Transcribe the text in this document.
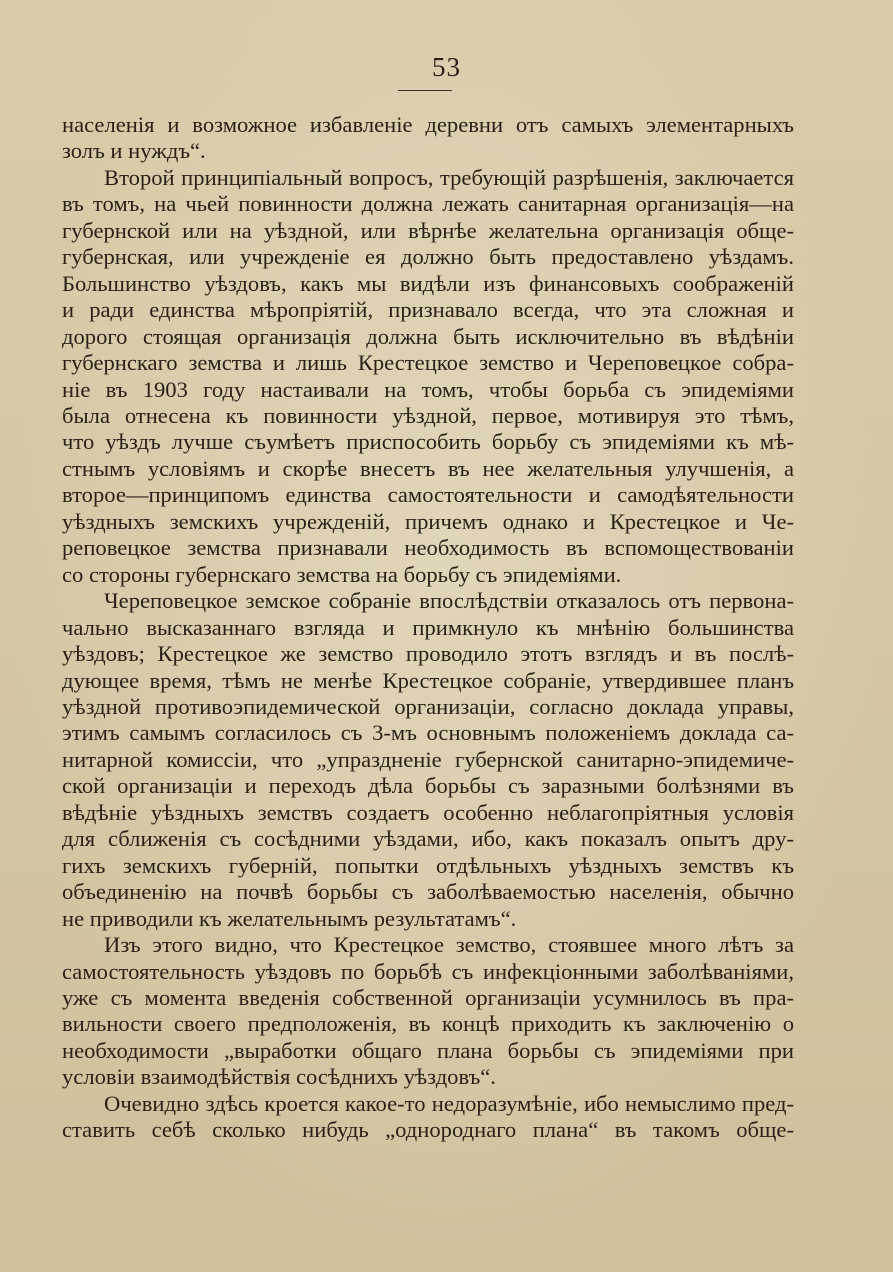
53
населенія и возможное избавленіе деревни отъ самыхъ элементарныхъ
золъ и нуждъ“.
Второй принципіальный вопросъ, требующій разрѣшенія, заключается
въ томъ, на чьей повинности должна лежать санитарная организація—на
губернской или на уѣздной, или вѣрнѣе желательна организація обще-
губернская, или учрежденіе ея должно быть предоставлено уѣздамъ.
Большинство уѣздовъ, какъ мы видѣли изъ финансовыхъ соображеній
и ради единства мѣропріятій, признавало всегда, что эта сложная и
дорого стоящая организація должна быть исключительно въ вѣдѣніи
губернскаго земства и лишь Крестецкое земство и Череповецкое собра-
ніе въ 1903 году настаивали на томъ, чтобы борьба съ эпидеміями
была отнесена къ повинности уѣздной, первое, мотивируя это тѣмъ,
что уѣздъ лучше съумѣетъ приспособить борьбу съ эпидеміями къ мѣ-
стнымъ условіямъ и скорѣе внесетъ въ нее желательныя улучшенія, а
второе—принципомъ единства самостоятельности и самодѣятельности
уѣздныхъ земскихъ учрежденій, причемъ однако и Крестецкое и Че-
реповецкое земства признавали необходимость въ вспомоществованіи
со стороны губернскаго земства на борьбу съ эпидеміями.
Череповецкое земское собраніе впослѣдствіи отказалось отъ первона-
чально высказаннаго взгляда и примкнуло къ мнѣнію большинства
уѣздовъ; Крестецкое же земство проводило этотъ взглядъ и въ послѣ-
дующее время, тѣмъ не менѣе Крестецкое собраніе, утвердившее планъ
уѣздной противоэпидемической организаціи, согласно доклада управы,
этимъ самымъ согласилось съ 3-мъ основнымъ положеніемъ доклада са-
нитарной комиссіи, что „упраздненіе губернской санитарно-эпидемиче-
ской организаціи и переходъ дѣла борьбы съ заразными болѣзнями въ
вѣдѣніе уѣздныхъ земствъ создаетъ особенно неблагопріятныя условія
для сближенія съ сосѣдними уѣздами, ибо, какъ показалъ опытъ дру-
гихъ земскихъ губерній, попытки отдѣльныхъ уѣздныхъ земствъ къ
объединенію на почвѣ борьбы съ заболѣваемостью населенія, обычно
не приводили къ желательнымъ результатамъ“.
Изъ этого видно, что Крестецкое земство, стоявшее много лѣтъ за
самостоятельность уѣздовъ по борьбѣ съ инфекціонными заболѣваніями,
уже съ момента введенія собственной организаціи усумнилось въ пра-
вильности своего предположенія, въ концѣ приходить къ заключенію о
необходимости „выработки общаго плана борьбы съ эпидеміями при
условіи взаимодѣйствія сосѣднихъ уѣздовъ“.
Очевидно здѣсь кроется какое-то недоразумѣніе, ибо немыслимо пред-
ставить себѣ сколько нибудь „однороднаго плана“ въ такомъ обще-
